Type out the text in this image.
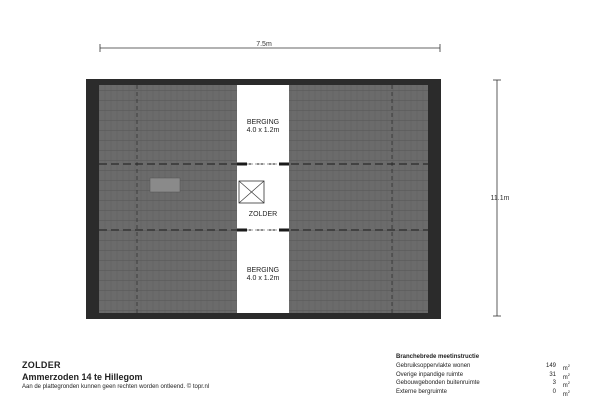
7.5m
11.1m
BERGING
4.0 x 1.2m
ZOLDER
BERGING
4.0 x 1.2m
ZOLDER
Ammerzoden 14 te Hillegom
Aan de plattegronden kunnen geen rechten worden ontleend. © topr.nl
Branchebrede meetinstructie
Gebruiksoppervlakte wonen	149 $m^2$
Overige inpandige ruimte	31 $m^2$
Gebouwgebonden buitenruimte	3 $m^2$
Externe bergruimte	0 $m^2$
